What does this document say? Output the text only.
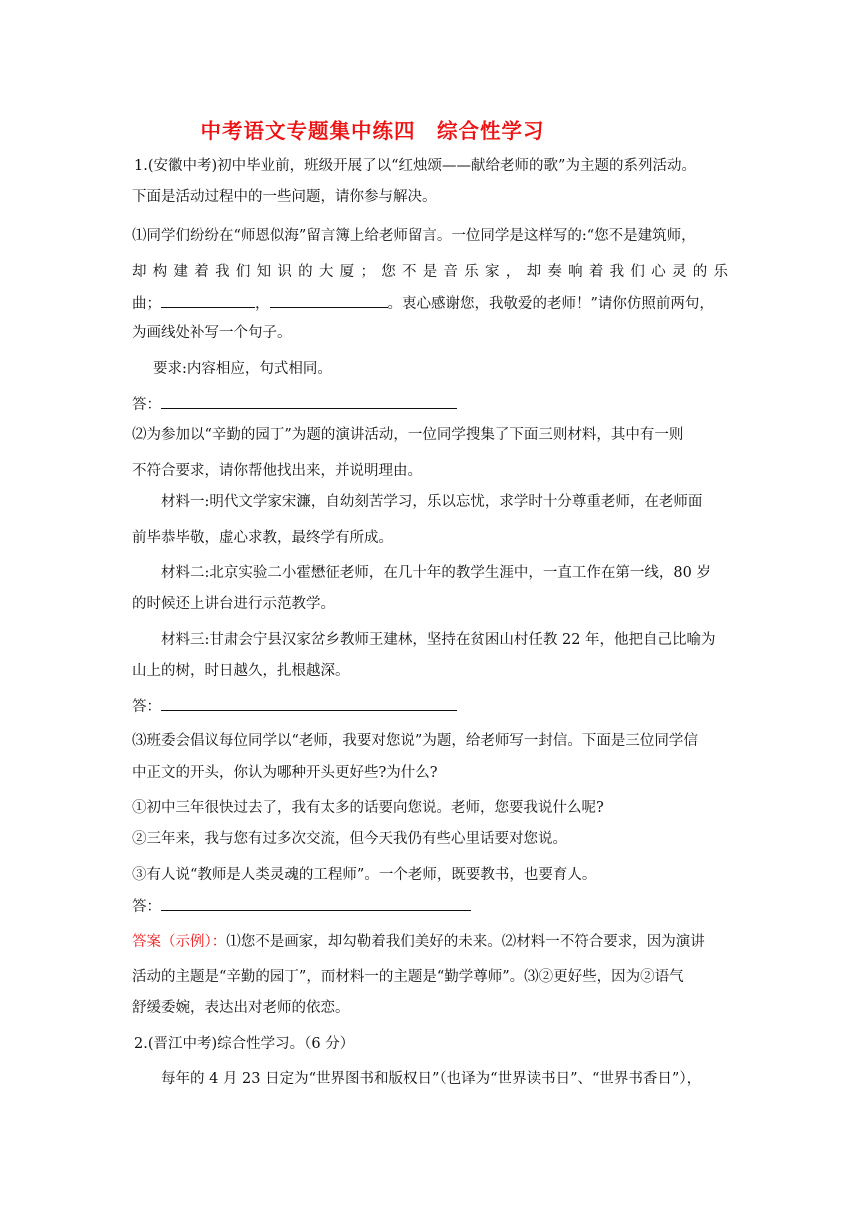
中考语文专题集中练四　综合性学习
1.(安徽中考)初中毕业前，班级开展了以“红烛颂——献给老师的歌”为主题的系列活动。
下面是活动过程中的一些问题，请你参与解决。
⑴同学们纷纷在“师恩似海”留言簿上给老师留言。一位同学是这样写的:“您不是建筑师，
却构建着我们知识的大厦；您不是音乐家，却奏响着我们心灵的乐
曲；	，	。衷心感谢您，我敬爱的老师！”请你仿照前两句，
为画线处补写一个句子。
要求:内容相应，句式相同。
答：
⑵为参加以“辛勤的园丁”为题的演讲活动，一位同学搜集了下面三则材料，其中有一则
不符合要求，请你帮他找出来，并说明理由。
材料一:明代文学家宋濂，自幼刻苦学习，乐以忘忧，求学时十分尊重老师，在老师面
前毕恭毕敬，虚心求教，最终学有所成。
材料二:北京实验二小霍懋征老师，在几十年的教学生涯中，一直工作在第一线，80 岁
的时候还上讲台进行示范教学。
材料三:甘肃会宁县汉家岔乡教师王建林，坚持在贫困山村任教 22 年，他把自己比喻为
山上的树，时日越久，扎根越深。
答：
⑶班委会倡议每位同学以“老师，我要对您说”为题，给老师写一封信。下面是三位同学信
中正文的开头，你认为哪种开头更好些?为什么?
①初中三年很快过去了，我有太多的话要向您说。老师，您要我说什么呢?
②三年来，我与您有过多次交流，但今天我仍有些心里话要对您说。
③有人说“教师是人类灵魂的工程师”。一个老师，既要教书，也要育人。
答：
答案（示例）：⑴您不是画家，却勾勒着我们美好的未来。⑵材料一不符合要求，因为演讲
活动的主题是“辛勤的园丁”，而材料一的主题是“勤学尊师”。⑶②更好些，因为②语气
舒缓委婉，表达出对老师的依恋。
2.(晋江中考)综合性学习。（6 分）
每年的 4 月 23 日定为“世界图书和版权日”（也译为“世界读书日”、“世界书香日”），
